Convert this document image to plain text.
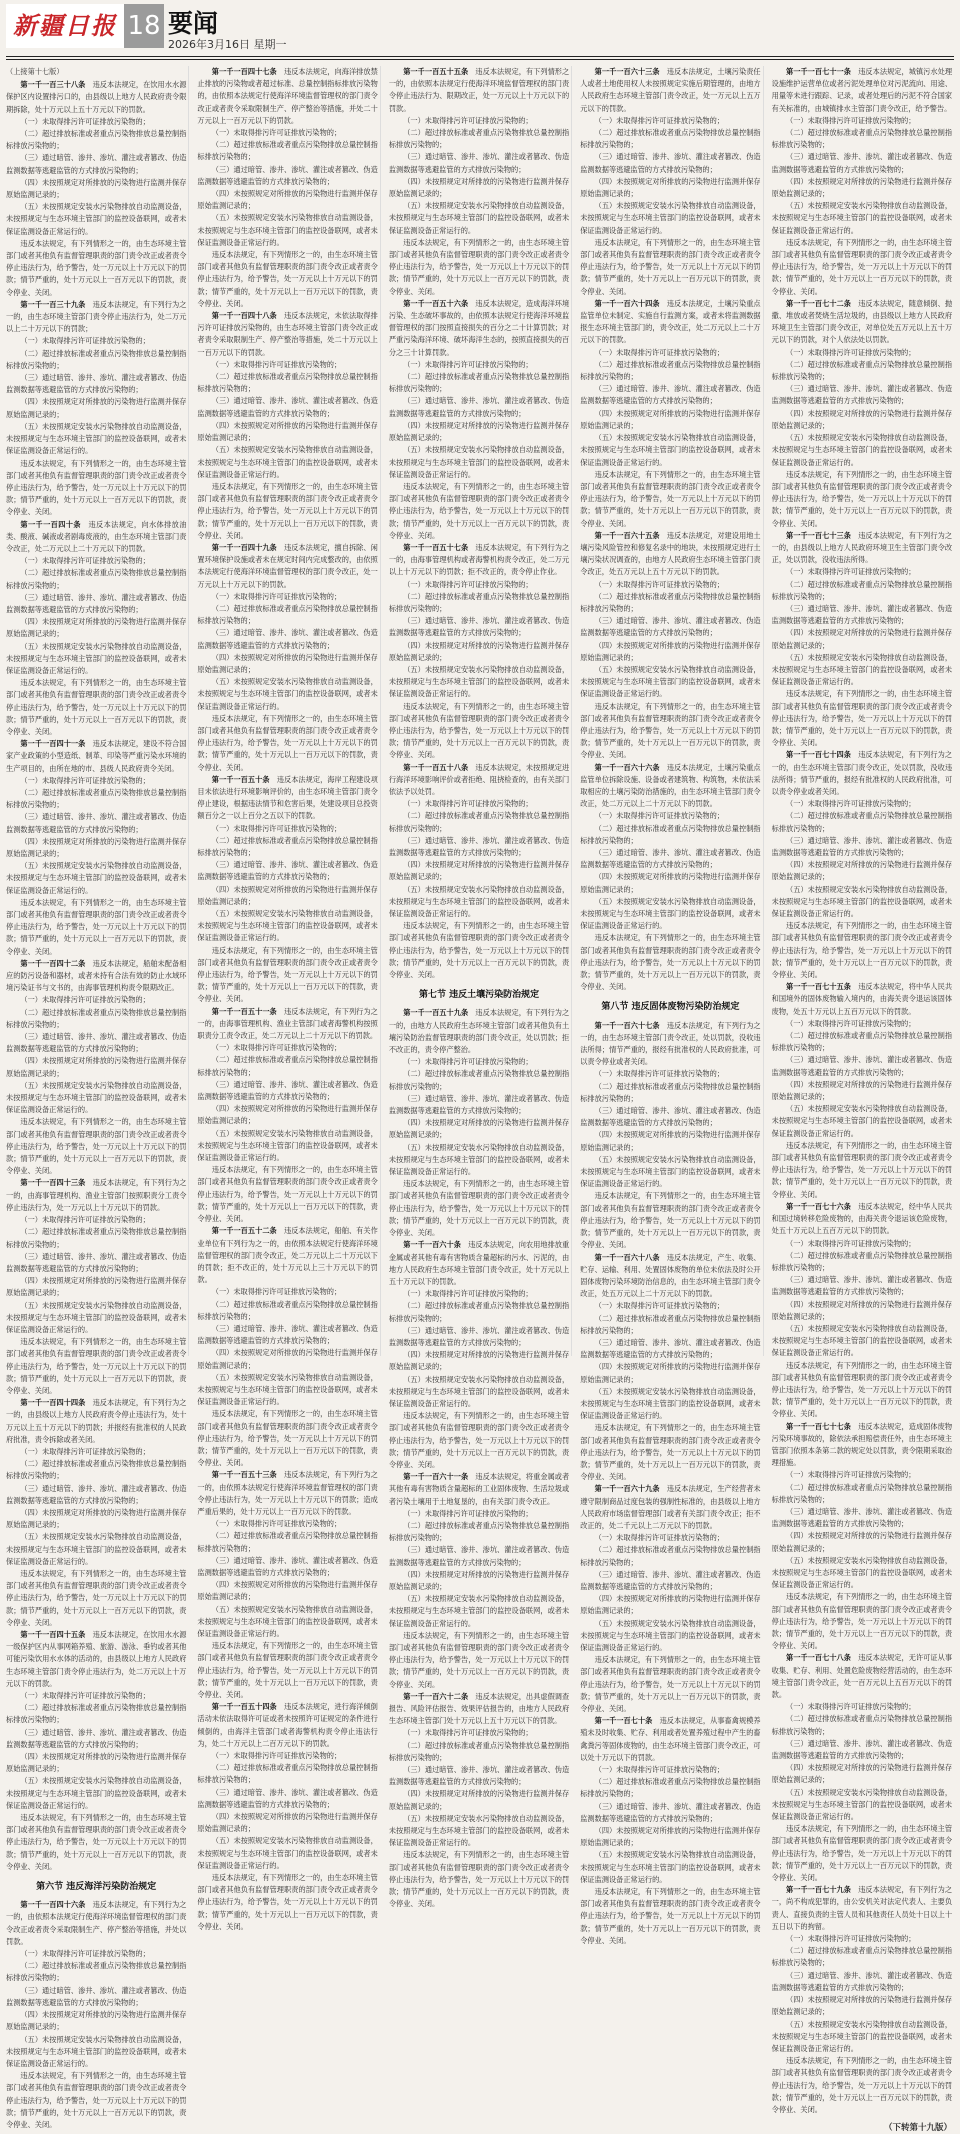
新疆日报 18 要闻
2026年3月16日 星期一

（上接第十七版）

第一千一百三十八条　违反本法规定，在饮用水水源保护区内设置排污口的，由县级以上地方人民政府责令限期拆除，处十万元以上五十万元以下的罚款。

（一）未取得排污许可证排放污染物的；

（二）超过排放标准或者重点污染物排放总量控制指标排放污染物的；

（三）通过暗管、渗井、渗坑、灌注或者篡改、伪造监测数据等逃避监管的方式排放污染物的；

（四）未按照规定对所排放的污染物进行监测并保存原始监测记录的；

（五）未按照规定安装水污染物排放自动监测设备，未按照规定与生态环境主管部门的监控设备联网，或者未保证监测设备正常运行的。

违反本法规定，有下列情形之一的，由生态环境主管部门或者其他负有监督管理职责的部门责令改正或者责令停止违法行为，给予警告，处一万元以上十万元以下的罚款；情节严重的，处十万元以上一百万元以下的罚款，责令停业、关闭。

第一千一百三十九条　违反本法规定，有下列行为之一的，由生态环境主管部门责令停止违法行为，处二万元以上二十万元以下的罚款；

（一）未取得排污许可证排放污染物的；

（二）超过排放标准或者重点污染物排放总量控制指标排放污染物的；

（三）通过暗管、渗井、渗坑、灌注或者篡改、伪造监测数据等逃避监管的方式排放污染物的；

（四）未按照规定对所排放的污染物进行监测并保存原始监测记录的；

（五）未按照规定安装水污染物排放自动监测设备，未按照规定与生态环境主管部门的监控设备联网，或者未保证监测设备正常运行的。

违反本法规定，有下列情形之一的，由生态环境主管部门或者其他负有监督管理职责的部门责令改正或者责令停止违法行为，给予警告，处一万元以上十万元以下的罚款；情节严重的，处十万元以上一百万元以下的罚款，责令停业、关闭。

第一千一百四十条　违反本法规定，向水体排放油类、酸液、碱液或者剧毒废液的，由生态环境主管部门责令改正，处二万元以上二十万元以下的罚款。

（一）未取得排污许可证排放污染物的；

（二）超过排放标准或者重点污染物排放总量控制指标排放污染物的；

（三）通过暗管、渗井、渗坑、灌注或者篡改、伪造监测数据等逃避监管的方式排放污染物的；

（四）未按照规定对所排放的污染物进行监测并保存原始监测记录的；

（五）未按照规定安装水污染物排放自动监测设备，未按照规定与生态环境主管部门的监控设备联网，或者未保证监测设备正常运行的。

违反本法规定，有下列情形之一的，由生态环境主管部门或者其他负有监督管理职责的部门责令改正或者责令停止违法行为，给予警告，处一万元以上十万元以下的罚款；情节严重的，处十万元以上一百万元以下的罚款，责令停业、关闭。

第一千一百四十一条　违反本法规定，建设不符合国家产业政策的小型造纸、制革、印染等严重污染水环境的生产项目的，由所在地的市、县级人民政府责令关闭。

（一）未取得排污许可证排放污染物的；

（二）超过排放标准或者重点污染物排放总量控制指标排放污染物的；

（三）通过暗管、渗井、渗坑、灌注或者篡改、伪造监测数据等逃避监管的方式排放污染物的；

（四）未按照规定对所排放的污染物进行监测并保存原始监测记录的；

（五）未按照规定安装水污染物排放自动监测设备，未按照规定与生态环境主管部门的监控设备联网，或者未保证监测设备正常运行的。

违反本法规定，有下列情形之一的，由生态环境主管部门或者其他负有监督管理职责的部门责令改正或者责令停止违法行为，给予警告，处一万元以上十万元以下的罚款；情节严重的，处十万元以上一百万元以下的罚款，责令停业、关闭。

第一千一百四十二条　违反本法规定，船舶未配备相应的防污设备和器材，或者未持有合法有效的防止水域环境污染证书与文书的，由海事管理机构责令限期改正。

（一）未取得排污许可证排放污染物的；

（二）超过排放标准或者重点污染物排放总量控制指标排放污染物的；

（三）通过暗管、渗井、渗坑、灌注或者篡改、伪造监测数据等逃避监管的方式排放污染物的；

（四）未按照规定对所排放的污染物进行监测并保存原始监测记录的；

（五）未按照规定安装水污染物排放自动监测设备，未按照规定与生态环境主管部门的监控设备联网，或者未保证监测设备正常运行的。

违反本法规定，有下列情形之一的，由生态环境主管部门或者其他负有监督管理职责的部门责令改正或者责令停止违法行为，给予警告，处一万元以上十万元以下的罚款；情节严重的，处十万元以上一百万元以下的罚款，责令停业、关闭。

第一千一百四十三条　违反本法规定，有下列行为之一的，由海事管理机构、渔业主管部门按照职责分工责令停止违法行为，处一万元以上十万元以下的罚款。

（一）未取得排污许可证排放污染物的；

（二）超过排放标准或者重点污染物排放总量控制指标排放污染物的；

（三）通过暗管、渗井、渗坑、灌注或者篡改、伪造监测数据等逃避监管的方式排放污染物的；

（四）未按照规定对所排放的污染物进行监测并保存原始监测记录的；

（五）未按照规定安装水污染物排放自动监测设备，未按照规定与生态环境主管部门的监控设备联网，或者未保证监测设备正常运行的。

违反本法规定，有下列情形之一的，由生态环境主管部门或者其他负有监督管理职责的部门责令改正或者责令停止违法行为，给予警告，处一万元以上十万元以下的罚款；情节严重的，处十万元以上一百万元以下的罚款，责令停业、关闭。

第一千一百四十四条　违反本法规定，有下列行为之一的，由县级以上地方人民政府责令停止违法行为，处十万元以上五十万元以下的罚款；并报经有批准权的人民政府批准，责令拆除或者关闭。

（一）未取得排污许可证排放污染物的；

（二）超过排放标准或者重点污染物排放总量控制指标排放污染物的；

（三）通过暗管、渗井、渗坑、灌注或者篡改、伪造监测数据等逃避监管的方式排放污染物的；

（四）未按照规定对所排放的污染物进行监测并保存原始监测记录的；

（五）未按照规定安装水污染物排放自动监测设备，未按照规定与生态环境主管部门的监控设备联网，或者未保证监测设备正常运行的。

违反本法规定，有下列情形之一的，由生态环境主管部门或者其他负有监督管理职责的部门责令改正或者责令停止违法行为，给予警告，处一万元以上十万元以下的罚款；情节严重的，处十万元以上一百万元以下的罚款，责令停业、关闭。

第一千一百四十五条　违反本法规定，在饮用水水源一级保护区内从事网箱养殖、旅游、游泳、垂钓或者其他可能污染饮用水水体的活动的，由县级以上地方人民政府生态环境主管部门责令停止违法行为，处二万元以上十万元以下的罚款。

（一）未取得排污许可证排放污染物的；

（二）超过排放标准或者重点污染物排放总量控制指标排放污染物的；

（三）通过暗管、渗井、渗坑、灌注或者篡改、伪造监测数据等逃避监管的方式排放污染物的；

（四）未按照规定对所排放的污染物进行监测并保存原始监测记录的；

（五）未按照规定安装水污染物排放自动监测设备，未按照规定与生态环境主管部门的监控设备联网，或者未保证监测设备正常运行的。

违反本法规定，有下列情形之一的，由生态环境主管部门或者其他负有监督管理职责的部门责令改正或者责令停止违法行为，给予警告，处一万元以上十万元以下的罚款；情节严重的，处十万元以上一百万元以下的罚款，责令停业、关闭。

第六节 违反海洋污染防治规定

第一千一百四十六条　违反本法规定，有下列行为之一的，由依照本法规定行使海洋环境监督管理权的部门责令改正或者责令采取限制生产、停产整治等措施，并处以罚款。

（一）未取得排污许可证排放污染物的；

（二）超过排放标准或者重点污染物排放总量控制指标排放污染物的；

（三）通过暗管、渗井、渗坑、灌注或者篡改、伪造监测数据等逃避监管的方式排放污染物的；

（四）未按照规定对所排放的污染物进行监测并保存原始监测记录的；

（五）未按照规定安装水污染物排放自动监测设备，未按照规定与生态环境主管部门的监控设备联网，或者未保证监测设备正常运行的。

违反本法规定，有下列情形之一的，由生态环境主管部门或者其他负有监督管理职责的部门责令改正或者责令停止违法行为，给予警告，处一万元以上十万元以下的罚款；情节严重的，处十万元以上一百万元以下的罚款，责令停业、关闭。

第一千一百四十七条　违反本法规定，向海洋排放禁止排放的污染物或者超过标准、总量控制指标排放污染物的，由依照本法规定行使海洋环境监督管理权的部门责令改正或者责令采取限制生产、停产整治等措施，并处二十万元以上一百万元以下的罚款。

（一）未取得排污许可证排放污染物的；

（二）超过排放标准或者重点污染物排放总量控制指标排放污染物的；

（三）通过暗管、渗井、渗坑、灌注或者篡改、伪造监测数据等逃避监管的方式排放污染物的；

（四）未按照规定对所排放的污染物进行监测并保存原始监测记录的；

（五）未按照规定安装水污染物排放自动监测设备，未按照规定与生态环境主管部门的监控设备联网，或者未保证监测设备正常运行的。

违反本法规定，有下列情形之一的，由生态环境主管部门或者其他负有监督管理职责的部门责令改正或者责令停止违法行为，给予警告，处一万元以上十万元以下的罚款；情节严重的，处十万元以上一百万元以下的罚款，责令停业、关闭。

第一千一百四十八条　违反本法规定，未依法取得排污许可证排放污染物的，由生态环境主管部门责令改正或者责令采取限制生产、停产整治等措施，处二十万元以上一百万元以下的罚款。

（一）未取得排污许可证排放污染物的；

（二）超过排放标准或者重点污染物排放总量控制指标排放污染物的；

（三）通过暗管、渗井、渗坑、灌注或者篡改、伪造监测数据等逃避监管的方式排放污染物的；

（四）未按照规定对所排放的污染物进行监测并保存原始监测记录的；

（五）未按照规定安装水污染物排放自动监测设备，未按照规定与生态环境主管部门的监控设备联网，或者未保证监测设备正常运行的。

违反本法规定，有下列情形之一的，由生态环境主管部门或者其他负有监督管理职责的部门责令改正或者责令停止违法行为，给予警告，处一万元以上十万元以下的罚款；情节严重的，处十万元以上一百万元以下的罚款，责令停业、关闭。

第一千一百四十九条　违反本法规定，擅自拆除、闲置环境保护设施或者未在规定时间内完成整改的，由依照本法规定行使海洋环境监督管理权的部门责令改正，处一万元以上十万元以下的罚款。

（一）未取得排污许可证排放污染物的；

（二）超过排放标准或者重点污染物排放总量控制指标排放污染物的；

（三）通过暗管、渗井、渗坑、灌注或者篡改、伪造监测数据等逃避监管的方式排放污染物的；

（四）未按照规定对所排放的污染物进行监测并保存原始监测记录的；

（五）未按照规定安装水污染物排放自动监测设备，未按照规定与生态环境主管部门的监控设备联网，或者未保证监测设备正常运行的。

违反本法规定，有下列情形之一的，由生态环境主管部门或者其他负有监督管理职责的部门责令改正或者责令停止违法行为，给予警告，处一万元以上十万元以下的罚款；情节严重的，处十万元以上一百万元以下的罚款，责令停业、关闭。

第一千一百五十条　违反本法规定，海岸工程建设项目未依法进行环境影响评价的，由生态环境主管部门责令停止建设，根据违法情节和危害后果，处建设项目总投资额百分之一以上百分之五以下的罚款。

（一）未取得排污许可证排放污染物的；

（二）超过排放标准或者重点污染物排放总量控制指标排放污染物的；

（三）通过暗管、渗井、渗坑、灌注或者篡改、伪造监测数据等逃避监管的方式排放污染物的；

（四）未按照规定对所排放的污染物进行监测并保存原始监测记录的；

（五）未按照规定安装水污染物排放自动监测设备，未按照规定与生态环境主管部门的监控设备联网，或者未保证监测设备正常运行的。

违反本法规定，有下列情形之一的，由生态环境主管部门或者其他负有监督管理职责的部门责令改正或者责令停止违法行为，给予警告，处一万元以上十万元以下的罚款；情节严重的，处十万元以上一百万元以下的罚款，责令停业、关闭。

第一千一百五十一条　违反本法规定，有下列行为之一的，由海事管理机构、渔业主管部门或者海警机构按照职责分工责令改正，处二万元以上二十万元以下的罚款。

（一）未取得排污许可证排放污染物的；

（二）超过排放标准或者重点污染物排放总量控制指标排放污染物的；

（三）通过暗管、渗井、渗坑、灌注或者篡改、伪造监测数据等逃避监管的方式排放污染物的；

（四）未按照规定对所排放的污染物进行监测并保存原始监测记录的；

（五）未按照规定安装水污染物排放自动监测设备，未按照规定与生态环境主管部门的监控设备联网，或者未保证监测设备正常运行的。

违反本法规定，有下列情形之一的，由生态环境主管部门或者其他负有监督管理职责的部门责令改正或者责令停止违法行为，给予警告，处一万元以上十万元以下的罚款；情节严重的，处十万元以上一百万元以下的罚款，责令停业、关闭。

第一千一百五十二条　违反本法规定，船舶、有关作业单位有下列行为之一的，由依照本法规定行使海洋环境监督管理权的部门责令改正，处二万元以上二十万元以下的罚款；拒不改正的，处十万元以上三十万元以下的罚款。

（一）未取得排污许可证排放污染物的；

（二）超过排放标准或者重点污染物排放总量控制指标排放污染物的；

（三）通过暗管、渗井、渗坑、灌注或者篡改、伪造监测数据等逃避监管的方式排放污染物的；

（四）未按照规定对所排放的污染物进行监测并保存原始监测记录的；

（五）未按照规定安装水污染物排放自动监测设备，未按照规定与生态环境主管部门的监控设备联网，或者未保证监测设备正常运行的。

违反本法规定，有下列情形之一的，由生态环境主管部门或者其他负有监督管理职责的部门责令改正或者责令停止违法行为，给予警告，处一万元以上十万元以下的罚款；情节严重的，处十万元以上一百万元以下的罚款，责令停业、关闭。

第一千一百五十三条　违反本法规定，有下列行为之一的，由依照本法规定行使海洋环境监督管理权的部门责令停止违法行为，处一万元以上十万元以下的罚款；造成严重后果的，处十万元以上一百万元以下的罚款。

（一）未取得排污许可证排放污染物的；

（二）超过排放标准或者重点污染物排放总量控制指标排放污染物的；

（三）通过暗管、渗井、渗坑、灌注或者篡改、伪造监测数据等逃避监管的方式排放污染物的；

（四）未按照规定对所排放的污染物进行监测并保存原始监测记录的；

（五）未按照规定安装水污染物排放自动监测设备，未按照规定与生态环境主管部门的监控设备联网，或者未保证监测设备正常运行的。

违反本法规定，有下列情形之一的，由生态环境主管部门或者其他负有监督管理职责的部门责令改正或者责令停止违法行为，给予警告，处一万元以上十万元以下的罚款；情节严重的，处十万元以上一百万元以下的罚款，责令停业、关闭。

第一千一百五十四条　违反本法规定，进行海洋倾倒活动未依法取得许可证或者未按照许可证规定的条件进行倾倒的，由海洋主管部门或者海警机构责令停止违法行为，处二十万元以上二百万元以下的罚款。

（一）未取得排污许可证排放污染物的；

（二）超过排放标准或者重点污染物排放总量控制指标排放污染物的；

（三）通过暗管、渗井、渗坑、灌注或者篡改、伪造监测数据等逃避监管的方式排放污染物的；

（四）未按照规定对所排放的污染物进行监测并保存原始监测记录的；

（五）未按照规定安装水污染物排放自动监测设备，未按照规定与生态环境主管部门的监控设备联网，或者未保证监测设备正常运行的。

违反本法规定，有下列情形之一的，由生态环境主管部门或者其他负有监督管理职责的部门责令改正或者责令停止违法行为，给予警告，处一万元以上十万元以下的罚款；情节严重的，处十万元以上一百万元以下的罚款，责令停业、关闭。

第一千一百五十五条　违反本法规定，有下列情形之一的，由依照本法规定行使海洋环境监督管理权的部门责令停止违法行为、限期改正，处一万元以上十万元以下的罚款。

（一）未取得排污许可证排放污染物的；

（二）超过排放标准或者重点污染物排放总量控制指标排放污染物的；

（三）通过暗管、渗井、渗坑、灌注或者篡改、伪造监测数据等逃避监管的方式排放污染物的；

（四）未按照规定对所排放的污染物进行监测并保存原始监测记录的；

（五）未按照规定安装水污染物排放自动监测设备，未按照规定与生态环境主管部门的监控设备联网，或者未保证监测设备正常运行的。

违反本法规定，有下列情形之一的，由生态环境主管部门或者其他负有监督管理职责的部门责令改正或者责令停止违法行为，给予警告，处一万元以上十万元以下的罚款；情节严重的，处十万元以上一百万元以下的罚款，责令停业、关闭。

第一千一百五十六条　违反本法规定，造成海洋环境污染、生态破坏事故的，由依照本法规定行使海洋环境监督管理权的部门按照直接损失的百分之二十计算罚款；对严重污染海洋环境、破坏海洋生态的，按照直接损失的百分之三十计算罚款。

（一）未取得排污许可证排放污染物的；

（二）超过排放标准或者重点污染物排放总量控制指标排放污染物的；

（三）通过暗管、渗井、渗坑、灌注或者篡改、伪造监测数据等逃避监管的方式排放污染物的；

（四）未按照规定对所排放的污染物进行监测并保存原始监测记录的；

（五）未按照规定安装水污染物排放自动监测设备，未按照规定与生态环境主管部门的监控设备联网，或者未保证监测设备正常运行的。

违反本法规定，有下列情形之一的，由生态环境主管部门或者其他负有监督管理职责的部门责令改正或者责令停止违法行为，给予警告，处一万元以上十万元以下的罚款；情节严重的，处十万元以上一百万元以下的罚款，责令停业、关闭。

第一千一百五十七条　违反本法规定，有下列行为之一的，由海事管理机构或者海警机构责令改正，处二万元以上十万元以下的罚款；拒不改正的，责令停止作业。

（一）未取得排污许可证排放污染物的；

（二）超过排放标准或者重点污染物排放总量控制指标排放污染物的；

（三）通过暗管、渗井、渗坑、灌注或者篡改、伪造监测数据等逃避监管的方式排放污染物的；

（四）未按照规定对所排放的污染物进行监测并保存原始监测记录的；

（五）未按照规定安装水污染物排放自动监测设备，未按照规定与生态环境主管部门的监控设备联网，或者未保证监测设备正常运行的。

违反本法规定，有下列情形之一的，由生态环境主管部门或者其他负有监督管理职责的部门责令改正或者责令停止违法行为，给予警告，处一万元以上十万元以下的罚款；情节严重的，处十万元以上一百万元以下的罚款，责令停业、关闭。

第一千一百五十八条　违反本法规定，未按照规定进行海洋环境影响评价或者拒绝、阻挠检查的，由有关部门依法予以处罚。

（一）未取得排污许可证排放污染物的；

（二）超过排放标准或者重点污染物排放总量控制指标排放污染物的；

（三）通过暗管、渗井、渗坑、灌注或者篡改、伪造监测数据等逃避监管的方式排放污染物的；

（四）未按照规定对所排放的污染物进行监测并保存原始监测记录的；

（五）未按照规定安装水污染物排放自动监测设备，未按照规定与生态环境主管部门的监控设备联网，或者未保证监测设备正常运行的。

违反本法规定，有下列情形之一的，由生态环境主管部门或者其他负有监督管理职责的部门责令改正或者责令停止违法行为，给予警告，处一万元以上十万元以下的罚款；情节严重的，处十万元以上一百万元以下的罚款，责令停业、关闭。

第七节 违反土壤污染防治规定

第一千一百五十九条　违反本法规定，有下列行为之一的，由地方人民政府生态环境主管部门或者其他负有土壤污染防治监督管理职责的部门责令改正，处以罚款；拒不改正的，责令停产整治。

（一）未取得排污许可证排放污染物的；

（二）超过排放标准或者重点污染物排放总量控制指标排放污染物的；

（三）通过暗管、渗井、渗坑、灌注或者篡改、伪造监测数据等逃避监管的方式排放污染物的；

（四）未按照规定对所排放的污染物进行监测并保存原始监测记录的；

（五）未按照规定安装水污染物排放自动监测设备，未按照规定与生态环境主管部门的监控设备联网，或者未保证监测设备正常运行的。

违反本法规定，有下列情形之一的，由生态环境主管部门或者其他负有监督管理职责的部门责令改正或者责令停止违法行为，给予警告，处一万元以上十万元以下的罚款；情节严重的，处十万元以上一百万元以下的罚款，责令停业、关闭。

第一千一百六十条　违反本法规定，向农用地排放重金属或者其他有毒有害物质含量超标的污水、污泥的，由地方人民政府生态环境主管部门责令改正，处十万元以上五十万元以下的罚款。

（一）未取得排污许可证排放污染物的；

（二）超过排放标准或者重点污染物排放总量控制指标排放污染物的；

（三）通过暗管、渗井、渗坑、灌注或者篡改、伪造监测数据等逃避监管的方式排放污染物的；

（四）未按照规定对所排放的污染物进行监测并保存原始监测记录的；

（五）未按照规定安装水污染物排放自动监测设备，未按照规定与生态环境主管部门的监控设备联网，或者未保证监测设备正常运行的。

违反本法规定，有下列情形之一的，由生态环境主管部门或者其他负有监督管理职责的部门责令改正或者责令停止违法行为，给予警告，处一万元以上十万元以下的罚款；情节严重的，处十万元以上一百万元以下的罚款，责令停业、关闭。

第一千一百六十一条　违反本法规定，将重金属或者其他有毒有害物质含量超标的工业固体废物、生活垃圾或者污染土壤用于土地复垦的，由有关部门责令改正。

（一）未取得排污许可证排放污染物的；

（二）超过排放标准或者重点污染物排放总量控制指标排放污染物的；

（三）通过暗管、渗井、渗坑、灌注或者篡改、伪造监测数据等逃避监管的方式排放污染物的；

（四）未按照规定对所排放的污染物进行监测并保存原始监测记录的；

（五）未按照规定安装水污染物排放自动监测设备，未按照规定与生态环境主管部门的监控设备联网，或者未保证监测设备正常运行的。

违反本法规定，有下列情形之一的，由生态环境主管部门或者其他负有监督管理职责的部门责令改正或者责令停止违法行为，给予警告，处一万元以上十万元以下的罚款；情节严重的，处十万元以上一百万元以下的罚款，责令停业、关闭。

第一千一百六十二条　违反本法规定，出具虚假调查报告、风险评估报告、效果评估报告的，由地方人民政府生态环境主管部门处十万元以上五十万元以下的罚款。

（一）未取得排污许可证排放污染物的；

（二）超过排放标准或者重点污染物排放总量控制指标排放污染物的；

（三）通过暗管、渗井、渗坑、灌注或者篡改、伪造监测数据等逃避监管的方式排放污染物的；

（四）未按照规定对所排放的污染物进行监测并保存原始监测记录的；

（五）未按照规定安装水污染物排放自动监测设备，未按照规定与生态环境主管部门的监控设备联网，或者未保证监测设备正常运行的。

违反本法规定，有下列情形之一的，由生态环境主管部门或者其他负有监督管理职责的部门责令改正或者责令停止违法行为，给予警告，处一万元以上十万元以下的罚款；情节严重的，处十万元以上一百万元以下的罚款，责令停业、关闭。

第一千一百六十三条　违反本法规定，土壤污染责任人或者土地使用权人未按照规定实施后期管理的，由地方人民政府生态环境主管部门责令改正，处一万元以上五万元以下的罚款。

（一）未取得排污许可证排放污染物的；

（二）超过排放标准或者重点污染物排放总量控制指标排放污染物的；

（三）通过暗管、渗井、渗坑、灌注或者篡改、伪造监测数据等逃避监管的方式排放污染物的；

（四）未按照规定对所排放的污染物进行监测并保存原始监测记录的；

（五）未按照规定安装水污染物排放自动监测设备，未按照规定与生态环境主管部门的监控设备联网，或者未保证监测设备正常运行的。

违反本法规定，有下列情形之一的，由生态环境主管部门或者其他负有监督管理职责的部门责令改正或者责令停止违法行为，给予警告，处一万元以上十万元以下的罚款；情节严重的，处十万元以上一百万元以下的罚款，责令停业、关闭。

第一千一百六十四条　违反本法规定，土壤污染重点监管单位未制定、实施自行监测方案，或者未将监测数据报生态环境主管部门的，责令改正，处二万元以上二十万元以下的罚款。

（一）未取得排污许可证排放污染物的；

（二）超过排放标准或者重点污染物排放总量控制指标排放污染物的；

（三）通过暗管、渗井、渗坑、灌注或者篡改、伪造监测数据等逃避监管的方式排放污染物的；

（四）未按照规定对所排放的污染物进行监测并保存原始监测记录的；

（五）未按照规定安装水污染物排放自动监测设备，未按照规定与生态环境主管部门的监控设备联网，或者未保证监测设备正常运行的。

违反本法规定，有下列情形之一的，由生态环境主管部门或者其他负有监督管理职责的部门责令改正或者责令停止违法行为，给予警告，处一万元以上十万元以下的罚款；情节严重的，处十万元以上一百万元以下的罚款，责令停业、关闭。

第一千一百六十五条　违反本法规定，对建设用地土壤污染风险管控和修复名录中的地块，未按照规定进行土壤污染状况调查的，由地方人民政府生态环境主管部门责令改正，处五万元以上五十万元以下的罚款。

（一）未取得排污许可证排放污染物的；

（二）超过排放标准或者重点污染物排放总量控制指标排放污染物的；

（三）通过暗管、渗井、渗坑、灌注或者篡改、伪造监测数据等逃避监管的方式排放污染物的；

（四）未按照规定对所排放的污染物进行监测并保存原始监测记录的；

（五）未按照规定安装水污染物排放自动监测设备，未按照规定与生态环境主管部门的监控设备联网，或者未保证监测设备正常运行的。

违反本法规定，有下列情形之一的，由生态环境主管部门或者其他负有监督管理职责的部门责令改正或者责令停止违法行为，给予警告，处一万元以上十万元以下的罚款；情节严重的，处十万元以上一百万元以下的罚款，责令停业、关闭。

第一千一百六十六条　违反本法规定，土壤污染重点监管单位拆除设施、设备或者建筑物、构筑物，未依法采取相应的土壤污染防治措施的，由生态环境主管部门责令改正，处二万元以上二十万元以下的罚款。

（一）未取得排污许可证排放污染物的；

（二）超过排放标准或者重点污染物排放总量控制指标排放污染物的；

（三）通过暗管、渗井、渗坑、灌注或者篡改、伪造监测数据等逃避监管的方式排放污染物的；

（四）未按照规定对所排放的污染物进行监测并保存原始监测记录的；

（五）未按照规定安装水污染物排放自动监测设备，未按照规定与生态环境主管部门的监控设备联网，或者未保证监测设备正常运行的。

违反本法规定，有下列情形之一的，由生态环境主管部门或者其他负有监督管理职责的部门责令改正或者责令停止违法行为，给予警告，处一万元以上十万元以下的罚款；情节严重的，处十万元以上一百万元以下的罚款，责令停业、关闭。

第八节 违反固体废物污染防治规定

第一千一百六十七条　违反本法规定，有下列行为之一的，由生态环境主管部门责令改正，处以罚款，没收违法所得；情节严重的，报经有批准权的人民政府批准，可以责令停业或者关闭。

（一）未取得排污许可证排放污染物的；

（二）超过排放标准或者重点污染物排放总量控制指标排放污染物的；

（三）通过暗管、渗井、渗坑、灌注或者篡改、伪造监测数据等逃避监管的方式排放污染物的；

（四）未按照规定对所排放的污染物进行监测并保存原始监测记录的；

（五）未按照规定安装水污染物排放自动监测设备，未按照规定与生态环境主管部门的监控设备联网，或者未保证监测设备正常运行的。

违反本法规定，有下列情形之一的，由生态环境主管部门或者其他负有监督管理职责的部门责令改正或者责令停止违法行为，给予警告，处一万元以上十万元以下的罚款；情节严重的，处十万元以上一百万元以下的罚款，责令停业、关闭。

第一千一百六十八条　违反本法规定，产生、收集、贮存、运输、利用、处置固体废物的单位未依法及时公开固体废物污染环境防治信息的，由生态环境主管部门责令改正，处五万元以上二十万元以下的罚款。

（一）未取得排污许可证排放污染物的；

（二）超过排放标准或者重点污染物排放总量控制指标排放污染物的；

（三）通过暗管、渗井、渗坑、灌注或者篡改、伪造监测数据等逃避监管的方式排放污染物的；

（四）未按照规定对所排放的污染物进行监测并保存原始监测记录的；

（五）未按照规定安装水污染物排放自动监测设备，未按照规定与生态环境主管部门的监控设备联网，或者未保证监测设备正常运行的。

违反本法规定，有下列情形之一的，由生态环境主管部门或者其他负有监督管理职责的部门责令改正或者责令停止违法行为，给予警告，处一万元以上十万元以下的罚款；情节严重的，处十万元以上一百万元以下的罚款，责令停业、关闭。

第一千一百六十九条　违反本法规定，生产经营者未遵守限制商品过度包装的强制性标准的，由县级以上地方人民政府市场监督管理部门或者有关部门责令改正；拒不改正的，处二千元以上二万元以下的罚款。

（一）未取得排污许可证排放污染物的；

（二）超过排放标准或者重点污染物排放总量控制指标排放污染物的；

（三）通过暗管、渗井、渗坑、灌注或者篡改、伪造监测数据等逃避监管的方式排放污染物的；

（四）未按照规定对所排放的污染物进行监测并保存原始监测记录的；

（五）未按照规定安装水污染物排放自动监测设备，未按照规定与生态环境主管部门的监控设备联网，或者未保证监测设备正常运行的。

违反本法规定，有下列情形之一的，由生态环境主管部门或者其他负有监督管理职责的部门责令改正或者责令停止违法行为，给予警告，处一万元以上十万元以下的罚款；情节严重的，处十万元以上一百万元以下的罚款，责令停业、关闭。

第一千一百七十条　违反本法规定，从事畜禽规模养殖未及时收集、贮存、利用或者处置养殖过程中产生的畜禽粪污等固体废物的，由生态环境主管部门责令改正，可以处十万元以下的罚款。

（一）未取得排污许可证排放污染物的；

（二）超过排放标准或者重点污染物排放总量控制指标排放污染物的；

（三）通过暗管、渗井、渗坑、灌注或者篡改、伪造监测数据等逃避监管的方式排放污染物的；

（四）未按照规定对所排放的污染物进行监测并保存原始监测记录的；

（五）未按照规定安装水污染物排放自动监测设备，未按照规定与生态环境主管部门的监控设备联网，或者未保证监测设备正常运行的。

违反本法规定，有下列情形之一的，由生态环境主管部门或者其他负有监督管理职责的部门责令改正或者责令停止违法行为，给予警告，处一万元以上十万元以下的罚款；情节严重的，处十万元以上一百万元以下的罚款，责令停业、关闭。

第一千一百七十一条　违反本法规定，城镇污水处理设施维护运营单位或者污泥处理单位对污泥流向、用途、用量等未进行跟踪、记录，或者处理后的污泥不符合国家有关标准的，由城镇排水主管部门责令改正，给予警告。

（一）未取得排污许可证排放污染物的；

（二）超过排放标准或者重点污染物排放总量控制指标排放污染物的；

（三）通过暗管、渗井、渗坑、灌注或者篡改、伪造监测数据等逃避监管的方式排放污染物的；

（四）未按照规定对所排放的污染物进行监测并保存原始监测记录的；

（五）未按照规定安装水污染物排放自动监测设备，未按照规定与生态环境主管部门的监控设备联网，或者未保证监测设备正常运行的。

违反本法规定，有下列情形之一的，由生态环境主管部门或者其他负有监督管理职责的部门责令改正或者责令停止违法行为，给予警告，处一万元以上十万元以下的罚款；情节严重的，处十万元以上一百万元以下的罚款，责令停业、关闭。

第一千一百七十二条　违反本法规定，随意倾倒、抛撒、堆放或者焚烧生活垃圾的，由县级以上地方人民政府环境卫生主管部门责令改正，对单位处五万元以上五十万元以下的罚款，对个人依法处以罚款。

（一）未取得排污许可证排放污染物的；

（二）超过排放标准或者重点污染物排放总量控制指标排放污染物的；

（三）通过暗管、渗井、渗坑、灌注或者篡改、伪造监测数据等逃避监管的方式排放污染物的；

（四）未按照规定对所排放的污染物进行监测并保存原始监测记录的；

（五）未按照规定安装水污染物排放自动监测设备，未按照规定与生态环境主管部门的监控设备联网，或者未保证监测设备正常运行的。

违反本法规定，有下列情形之一的，由生态环境主管部门或者其他负有监督管理职责的部门责令改正或者责令停止违法行为，给予警告，处一万元以上十万元以下的罚款；情节严重的，处十万元以上一百万元以下的罚款，责令停业、关闭。

第一千一百七十三条　违反本法规定，有下列行为之一的，由县级以上地方人民政府环境卫生主管部门责令改正，处以罚款，没收违法所得。

（一）未取得排污许可证排放污染物的；

（二）超过排放标准或者重点污染物排放总量控制指标排放污染物的；

（三）通过暗管、渗井、渗坑、灌注或者篡改、伪造监测数据等逃避监管的方式排放污染物的；

（四）未按照规定对所排放的污染物进行监测并保存原始监测记录的；

（五）未按照规定安装水污染物排放自动监测设备，未按照规定与生态环境主管部门的监控设备联网，或者未保证监测设备正常运行的。

违反本法规定，有下列情形之一的，由生态环境主管部门或者其他负有监督管理职责的部门责令改正或者责令停止违法行为，给予警告，处一万元以上十万元以下的罚款；情节严重的，处十万元以上一百万元以下的罚款，责令停业、关闭。

第一千一百七十四条　违反本法规定，有下列行为之一的，由生态环境主管部门责令改正，处以罚款，没收违法所得；情节严重的，报经有批准权的人民政府批准，可以责令停业或者关闭。

（一）未取得排污许可证排放污染物的；

（二）超过排放标准或者重点污染物排放总量控制指标排放污染物的；

（三）通过暗管、渗井、渗坑、灌注或者篡改、伪造监测数据等逃避监管的方式排放污染物的；

（四）未按照规定对所排放的污染物进行监测并保存原始监测记录的；

（五）未按照规定安装水污染物排放自动监测设备，未按照规定与生态环境主管部门的监控设备联网，或者未保证监测设备正常运行的。

违反本法规定，有下列情形之一的，由生态环境主管部门或者其他负有监督管理职责的部门责令改正或者责令停止违法行为，给予警告，处一万元以上十万元以下的罚款；情节严重的，处十万元以上一百万元以下的罚款，责令停业、关闭。

第一千一百七十五条　违反本法规定，将中华人民共和国境外的固体废物输入境内的，由海关责令退运该固体废物，处五十万元以上五百万元以下的罚款。

（一）未取得排污许可证排放污染物的；

（二）超过排放标准或者重点污染物排放总量控制指标排放污染物的；

（三）通过暗管、渗井、渗坑、灌注或者篡改、伪造监测数据等逃避监管的方式排放污染物的；

（四）未按照规定对所排放的污染物进行监测并保存原始监测记录的；

（五）未按照规定安装水污染物排放自动监测设备，未按照规定与生态环境主管部门的监控设备联网，或者未保证监测设备正常运行的。

违反本法规定，有下列情形之一的，由生态环境主管部门或者其他负有监督管理职责的部门责令改正或者责令停止违法行为，给予警告，处一万元以上十万元以下的罚款；情节严重的，处十万元以上一百万元以下的罚款，责令停业、关闭。

第一千一百七十六条　违反本法规定，经中华人民共和国过境转移危险废物的，由海关责令退运该危险废物，处五十万元以上五百万元以下的罚款。

（一）未取得排污许可证排放污染物的；

（二）超过排放标准或者重点污染物排放总量控制指标排放污染物的；

（三）通过暗管、渗井、渗坑、灌注或者篡改、伪造监测数据等逃避监管的方式排放污染物的；

（四）未按照规定对所排放的污染物进行监测并保存原始监测记录的；

（五）未按照规定安装水污染物排放自动监测设备，未按照规定与生态环境主管部门的监控设备联网，或者未保证监测设备正常运行的。

违反本法规定，有下列情形之一的，由生态环境主管部门或者其他负有监督管理职责的部门责令改正或者责令停止违法行为，给予警告，处一万元以上十万元以下的罚款；情节严重的，处十万元以上一百万元以下的罚款，责令停业、关闭。

第一千一百七十七条　违反本法规定，造成固体废物污染环境事故的，除依法承担赔偿责任外，由生态环境主管部门依照本条第二款的规定处以罚款，责令限期采取治理措施。

（一）未取得排污许可证排放污染物的；

（二）超过排放标准或者重点污染物排放总量控制指标排放污染物的；

（三）通过暗管、渗井、渗坑、灌注或者篡改、伪造监测数据等逃避监管的方式排放污染物的；

（四）未按照规定对所排放的污染物进行监测并保存原始监测记录的；

（五）未按照规定安装水污染物排放自动监测设备，未按照规定与生态环境主管部门的监控设备联网，或者未保证监测设备正常运行的。

违反本法规定，有下列情形之一的，由生态环境主管部门或者其他负有监督管理职责的部门责令改正或者责令停止违法行为，给予警告，处一万元以上十万元以下的罚款；情节严重的，处十万元以上一百万元以下的罚款，责令停业、关闭。

第一千一百七十八条　违反本法规定，无许可证从事收集、贮存、利用、处置危险废物经营活动的，由生态环境主管部门责令改正，处一百万元以上五百万元以下的罚款。

（一）未取得排污许可证排放污染物的；

（二）超过排放标准或者重点污染物排放总量控制指标排放污染物的；

（三）通过暗管、渗井、渗坑、灌注或者篡改、伪造监测数据等逃避监管的方式排放污染物的；

（四）未按照规定对所排放的污染物进行监测并保存原始监测记录的；

（五）未按照规定安装水污染物排放自动监测设备，未按照规定与生态环境主管部门的监控设备联网，或者未保证监测设备正常运行的。

违反本法规定，有下列情形之一的，由生态环境主管部门或者其他负有监督管理职责的部门责令改正或者责令停止违法行为，给予警告，处一万元以上十万元以下的罚款；情节严重的，处十万元以上一百万元以下的罚款，责令停业、关闭。

第一千一百七十九条　违反本法规定，有下列行为之一，尚不构成犯罪的，由公安机关对法定代表人、主要负责人、直接负责的主管人员和其他责任人员处十日以上十五日以下的拘留。

（一）未取得排污许可证排放污染物的；

（二）超过排放标准或者重点污染物排放总量控制指标排放污染物的；

（三）通过暗管、渗井、渗坑、灌注或者篡改、伪造监测数据等逃避监管的方式排放污染物的；

（四）未按照规定对所排放的污染物进行监测并保存原始监测记录的；

（五）未按照规定安装水污染物排放自动监测设备，未按照规定与生态环境主管部门的监控设备联网，或者未保证监测设备正常运行的。

违反本法规定，有下列情形之一的，由生态环境主管部门或者其他负有监督管理职责的部门责令改正或者责令停止违法行为，给予警告，处一万元以上十万元以下的罚款；情节严重的，处十万元以上一百万元以下的罚款，责令停业、关闭。

（下转第十九版）
